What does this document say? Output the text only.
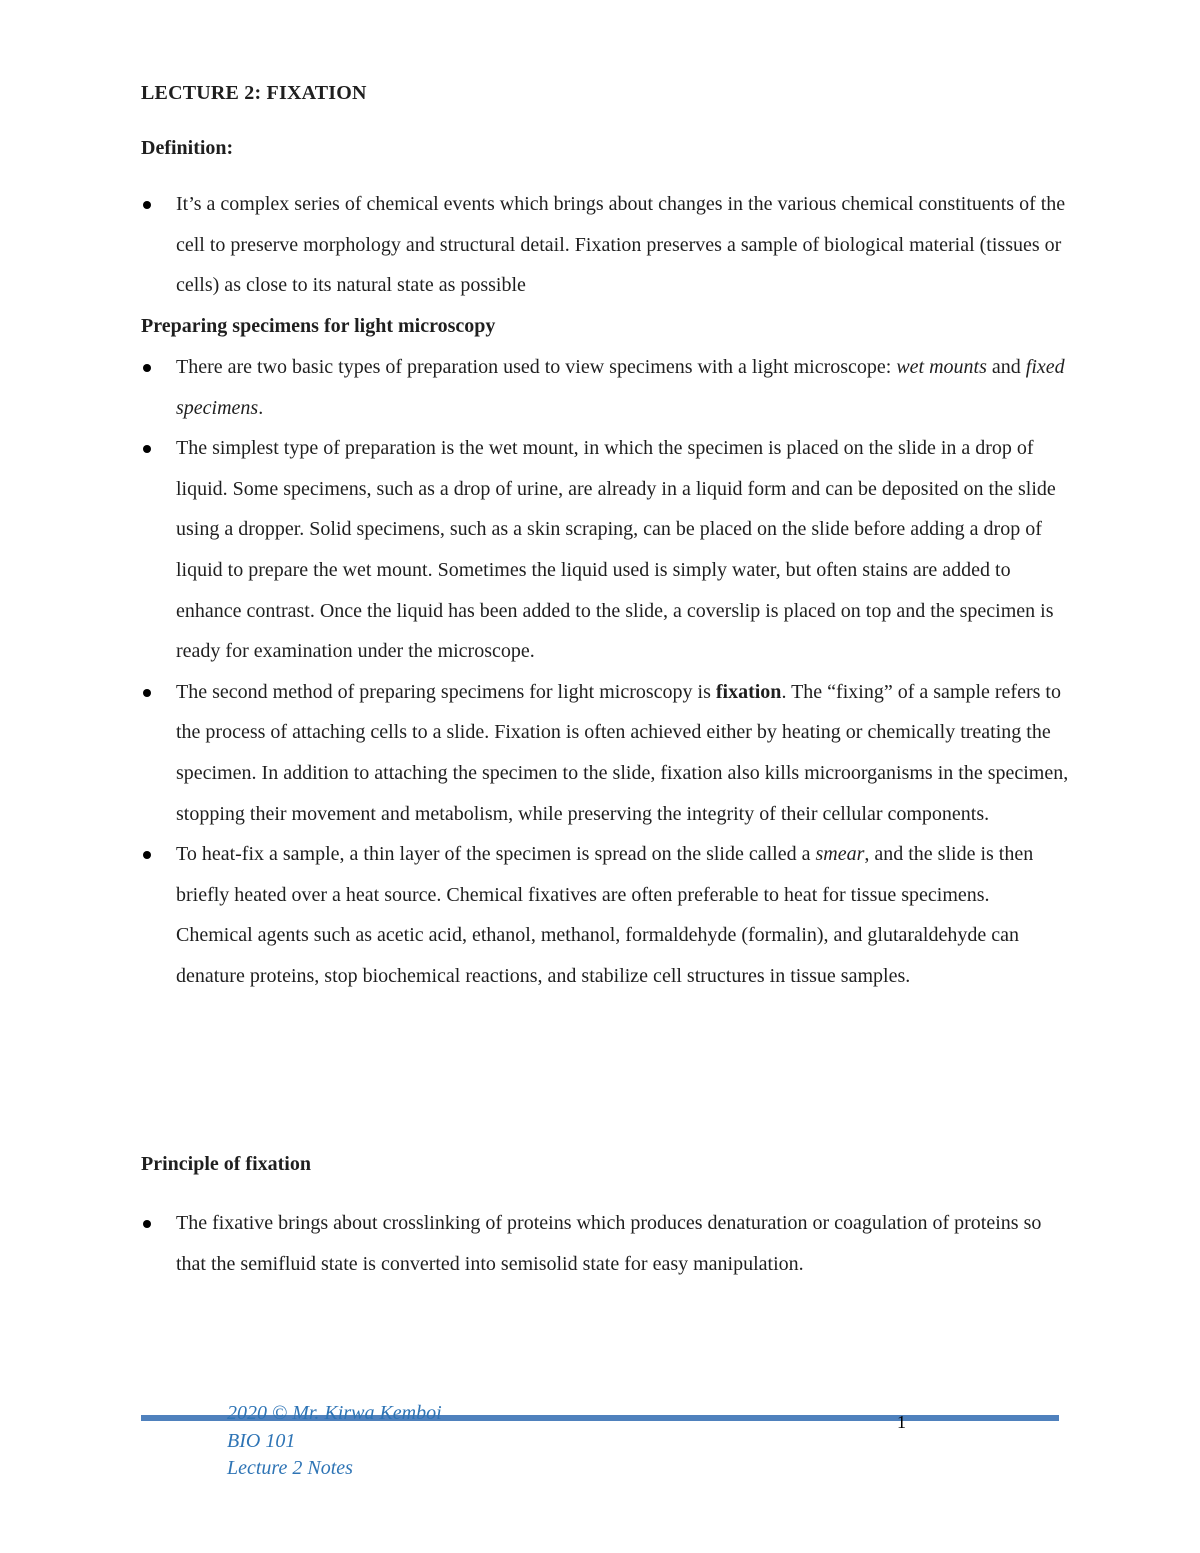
LECTURE 2: FIXATION
Definition:
It’s a complex series of chemical events which brings about changes in the various chemical constituents of the cell to preserve morphology and structural detail. Fixation preserves a sample of biological material (tissues or cells) as close to its natural state as possible
Preparing specimens for light microscopy
There are two basic types of preparation used to view specimens with a light microscope: wet mounts and fixed specimens.
The simplest type of preparation is the wet mount, in which the specimen is placed on the slide in a drop of liquid. Some specimens, such as a drop of urine, are already in a liquid form and can be deposited on the slide using a dropper. Solid specimens, such as a skin scraping, can be placed on the slide before adding a drop of liquid to prepare the wet mount. Sometimes the liquid used is simply water, but often stains are added to enhance contrast. Once the liquid has been added to the slide, a coverslip is placed on top and the specimen is ready for examination under the microscope.
The second method of preparing specimens for light microscopy is fixation. The “fixing” of a sample refers to the process of attaching cells to a slide. Fixation is often achieved either by heating or chemically treating the specimen. In addition to attaching the specimen to the slide, fixation also kills microorganisms in the specimen, stopping their movement and metabolism, while preserving the integrity of their cellular components.
To heat-fix a sample, a thin layer of the specimen is spread on the slide called a smear, and the slide is then briefly heated over a heat source. Chemical fixatives are often preferable to heat for tissue specimens. Chemical agents such as acetic acid, ethanol, methanol, formaldehyde (formalin), and glutaraldehyde can denature proteins, stop biochemical reactions, and stabilize cell structures in tissue samples.
Principle of fixation
The fixative brings about crosslinking of proteins which produces denaturation or coagulation of proteins so that the semifluid state is converted into semisolid state for easy manipulation.
2020 © Mr. Kirwa Kemboi
BIO 101
Lecture 2 Notes
1
